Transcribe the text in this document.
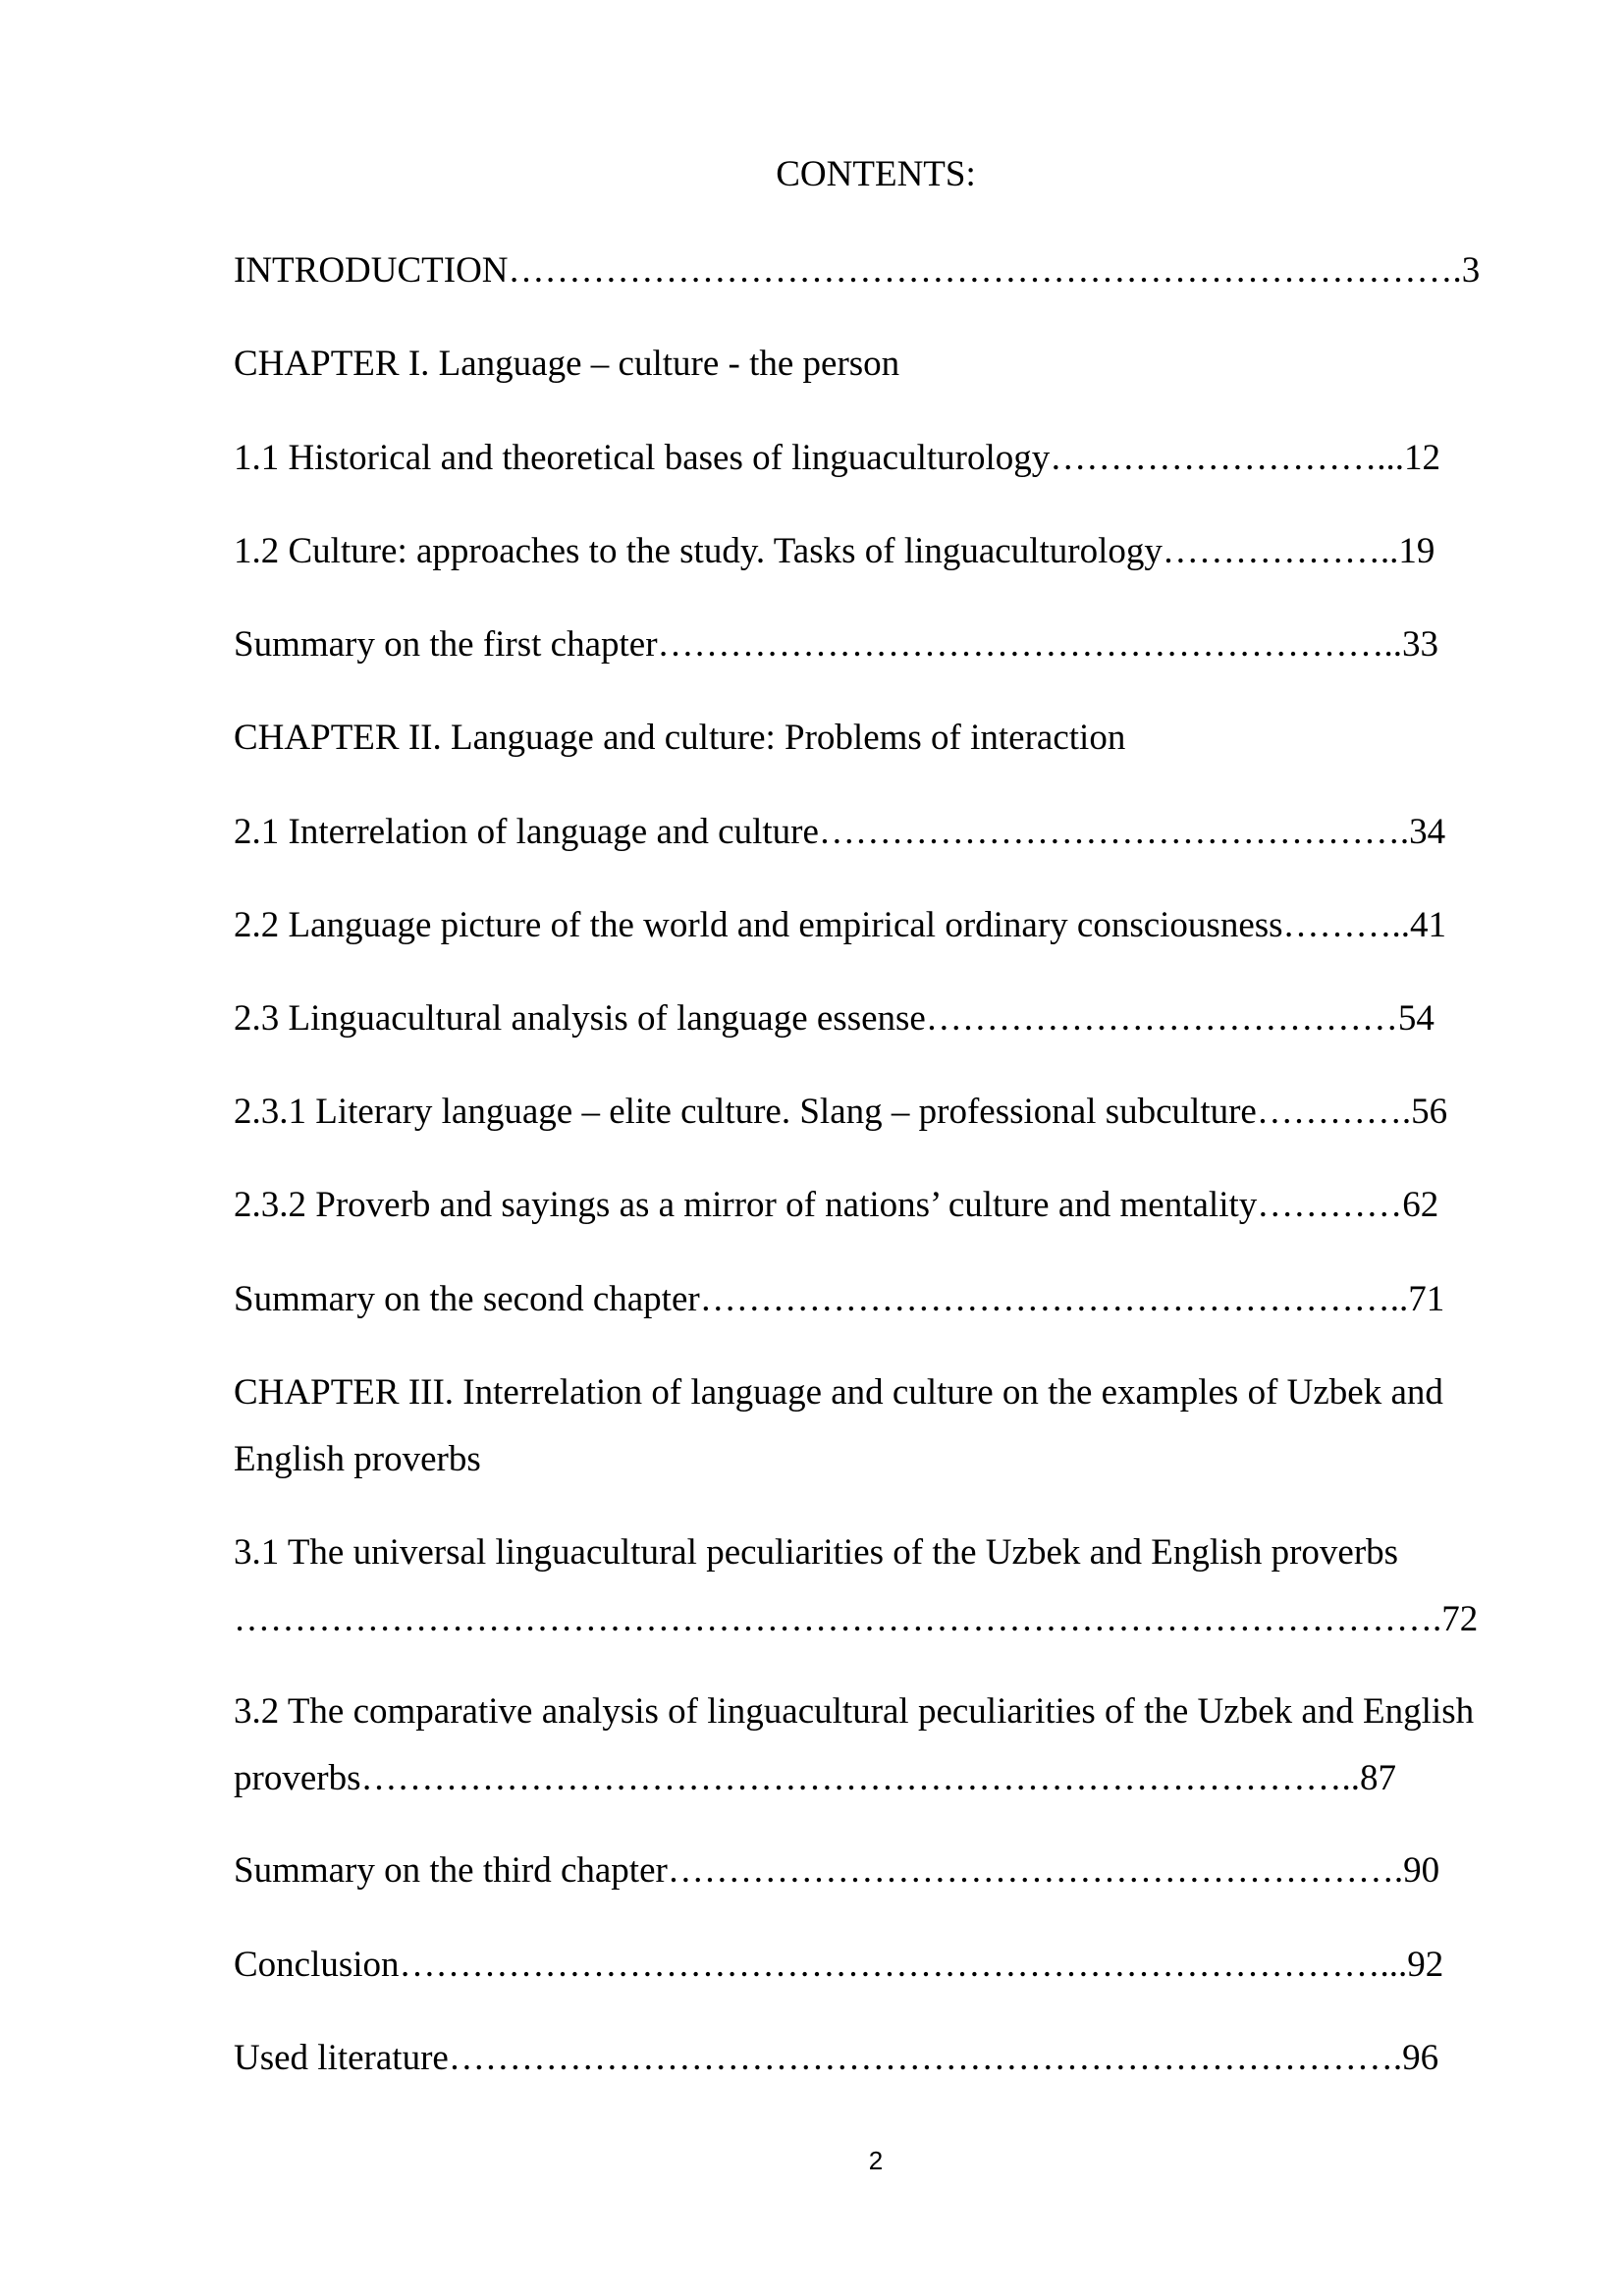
CONTENTS:
INTRODUCTION…………………………………………………………………….3
CHAPTER I. Language – culture - the person
1.1 Historical and theoretical bases of linguaculturology………………………...12
1.2 Culture: approaches to the study. Tasks of linguaculturology………………..19
Summary on the first chapter……………………………………………………..33
CHAPTER II. Language and culture: Problems of interaction
2.1 Interrelation of language and culture………………………………………….34
2.2 Language picture of the world and empirical ordinary consciousness………..41
2.3 Linguacultural analysis of language essense…………………………………54
2.3.1 Literary language – elite culture. Slang – professional subculture………….56
2.3.2 Proverb and sayings as a mirror of nations’ culture and mentality…………62
Summary on the second chapter…………………………………………………..71
CHAPTER III. Interrelation of language and culture on the examples of Uzbek and English proverbs
3.1 The universal linguacultural peculiarities of the Uzbek and English proverbs ……………………………………………………………………………………….72
3.2 The comparative analysis of linguacultural peculiarities of the Uzbek and English proverbs………………………………………………………………………..87
Summary on the third chapter…………………………………………………….90
Conclusion………………………………………………………………………...92
Used literature…………………………………………………………………….96
2
